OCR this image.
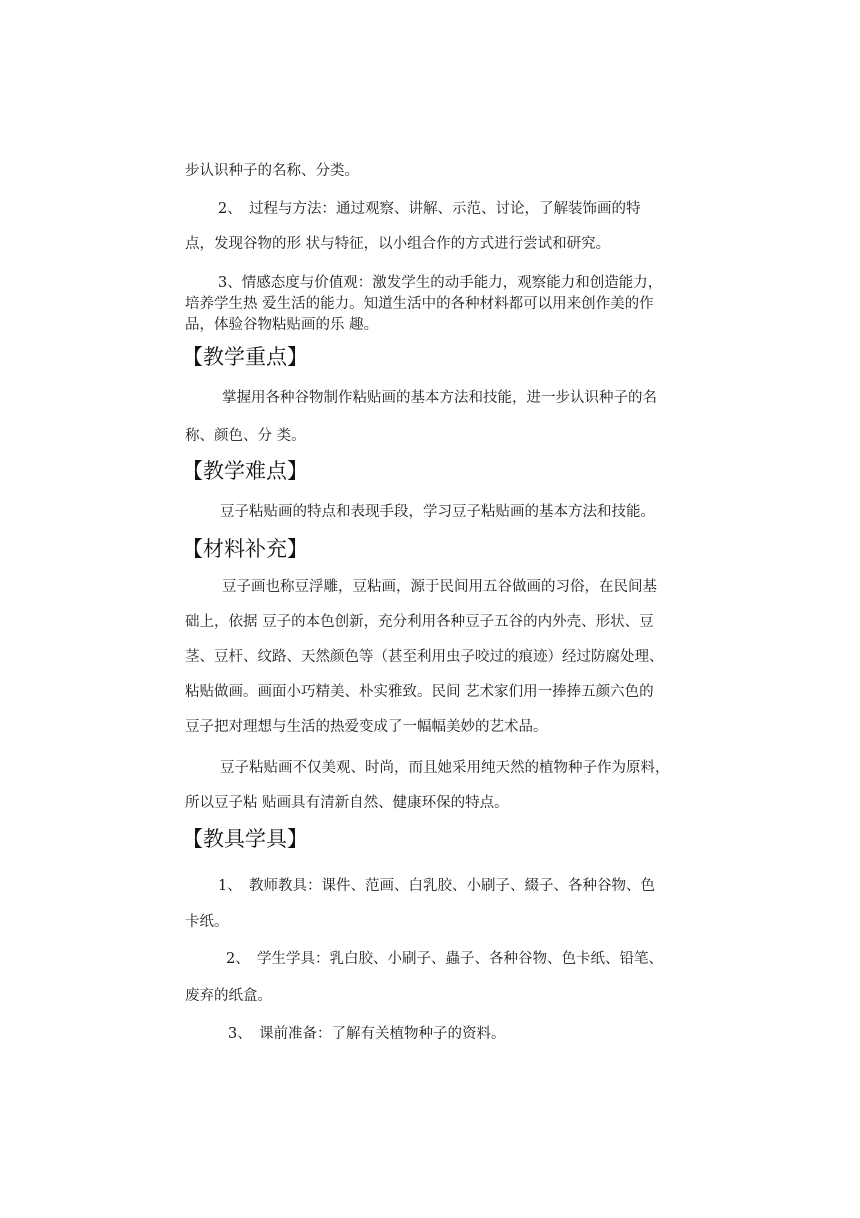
步认识种子的名称、分类。
2、　过程与方法：通过观察、讲解、示范、讨论，了解装饰画的特
点，发现谷物的形 状与特征，以小组合作的方式进行尝试和研究。
3、情感态度与价值观：激发学生的动手能力，观察能力和创造能力，
培养学生热 爱生活的能力。知道生活中的各种材料都可以用来创作美的作
品，体验谷物粘贴画的乐 趣。
【教学重点】
掌握用各种谷物制作粘贴画的基本方法和技能，进一步认识种子的名
称、颜色、分 类。
【教学难点】
豆子粘贴画的特点和表现手段，学习豆子粘贴画的基本方法和技能。
【材料补充】
豆子画也称豆浮雕，豆粘画，源于民间用五谷做画的习俗，在民间基
础上，依据 豆子的本色创新，充分利用各种豆子五谷的内外壳、形状、豆
茎、豆杆、纹路、天然颜色等（甚至利用虫子咬过的痕迹）经过防腐处理、
粘贴做画。画面小巧精美、朴实雅致。民间 艺术家们用一捧捧五颜六色的
豆子把对理想与生活的热爱变成了一幅幅美妙的艺术品。
豆子粘贴画不仅美观、时尚，而且她采用纯天然的植物种子作为原料，
所以豆子粘 贴画具有清新自然、健康环保的特点。
【教具学具】
1、　教师教具：课件、范画、白乳胶、小刷子、綴子、各种谷物、色
卡纸。
2、　学生学具：乳白胶、小刷子、蟲子、各种谷物、色卡纸、铅笔、
废弃的纸盒。
3、　课前准备：了解有关植物种子的资料。
